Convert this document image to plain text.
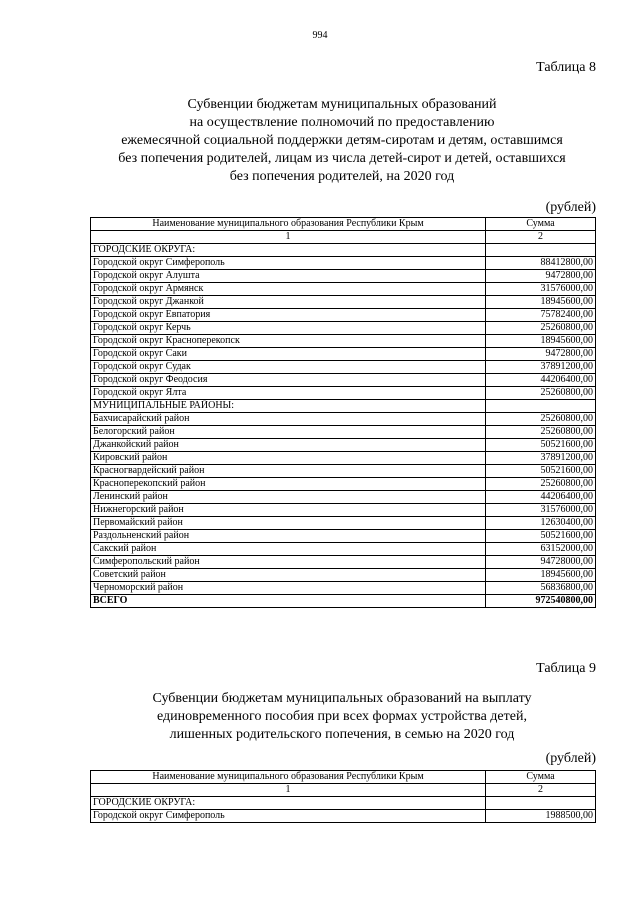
994
Таблица 8
Субвенции бюджетам муниципальных образований
на осуществление полномочий по предоставлению
ежемесячной социальной поддержки детям-сиротам и детям, оставшимся
без попечения родителей, лицам из числа детей-сирот и детей, оставшихся
без попечения родителей, на 2020 год
(рублей)
Наименование муниципального образования Республики Крым	Сумма
1	2
ГОРОДСКИЕ ОКРУГА:	
Городской округ Симферополь	88412800,00
Городской округ Алушта	9472800,00
Городской округ Армянск	31576000,00
Городской округ Джанкой	18945600,00
Городской округ Евпатория	75782400,00
Городской округ Керчь	25260800,00
Городской округ Красноперекопск	18945600,00
Городской округ Саки	9472800,00
Городской округ Судак	37891200,00
Городской округ Феодосия	44206400,00
Городской округ Ялта	25260800,00
МУНИЦИПАЛЬНЫЕ РАЙОНЫ:	
Бахчисарайский район	25260800,00
Белогорский район	25260800,00
Джанкойский район	50521600,00
Кировский район	37891200,00
Красногвардейский район	50521600,00
Красноперекопский район	25260800,00
Ленинский район	44206400,00
Нижнегорский район	31576000,00
Первомайский район	12630400,00
Раздольненский район	50521600,00
Сакский район	63152000,00
Симферопольский район	94728000,00
Советский район	18945600,00
Черноморский район	56836800,00
ВСЕГО	972540800,00
Таблица 9
Субвенции бюджетам муниципальных образований на выплату
единовременного пособия при всех формах устройства детей,
лишенных родительского попечения, в семью на 2020 год
(рублей)
Наименование муниципального образования Республики Крым	Сумма
1	2
ГОРОДСКИЕ ОКРУГА:	
Городской округ Симферополь	1988500,00
